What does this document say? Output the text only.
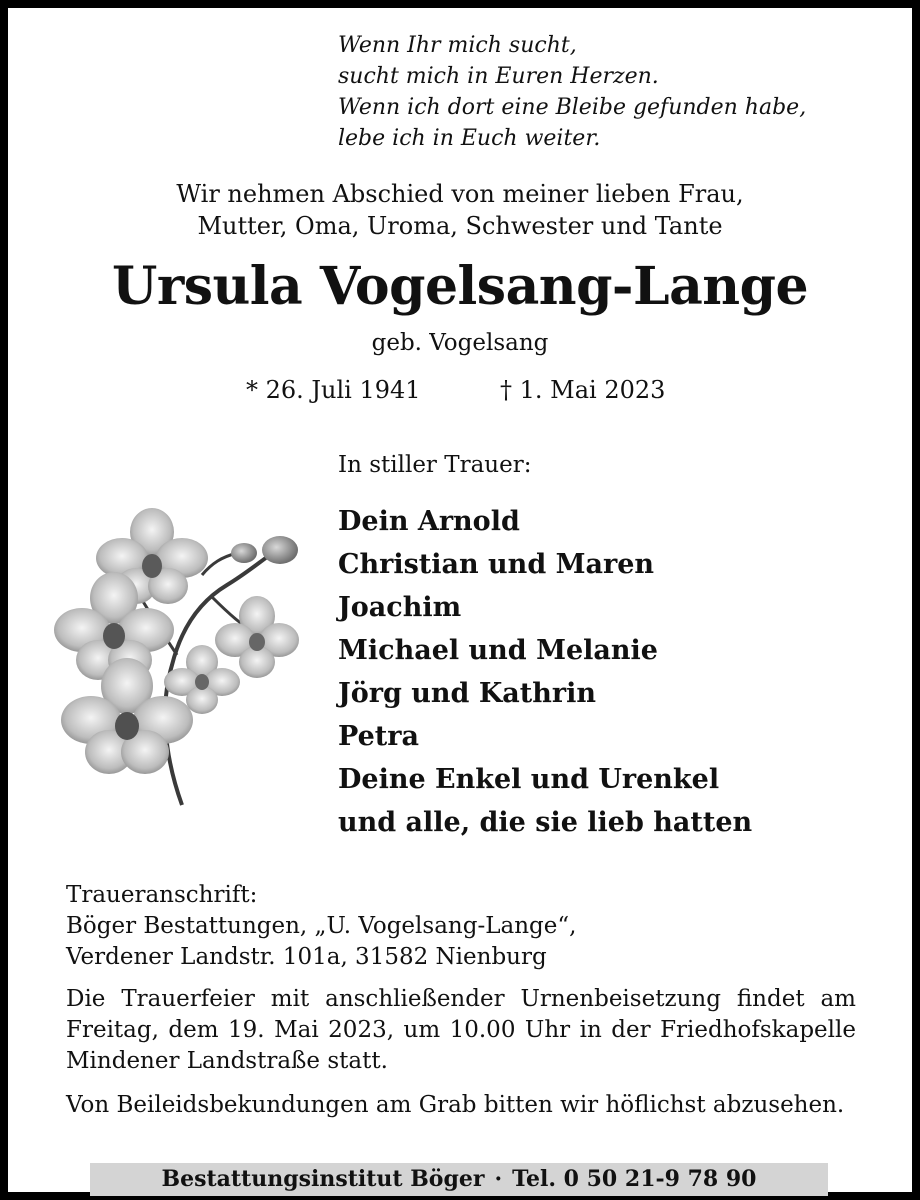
Wenn Ihr mich sucht,
sucht mich in Euren Herzen.
Wenn ich dort eine Bleibe gefunden habe,
lebe ich in Euch weiter.
Wir nehmen Abschied von meiner lieben Frau,
Mutter, Oma, Uroma, Schwester und Tante
Ursula Vogelsang-Lange
geb. Vogelsang
* 26. Juli 1941	† 1. Mai 2023
In stiller Trauer:
Dein Arnold
Christian und Maren
Joachim
Michael und Melanie
Jörg und Kathrin
Petra
Deine Enkel und Urenkel
und alle, die sie lieb hatten
Traueranschrift:
Böger Bestattungen, „U. Vogelsang-Lange“,
Verdener Landstr. 101a, 31582 Nienburg
Die Trauerfeier mit anschließender Urnenbeisetzung findet am Freitag, dem 19. Mai 2023, um 10.00 Uhr in der Friedhofskapelle Mindener Landstraße statt.
Von Beileidsbekundungen am Grab bitten wir höflichst abzusehen.
Bestattungsinstitut Böger · Tel. 0 50 21-9 78 90
